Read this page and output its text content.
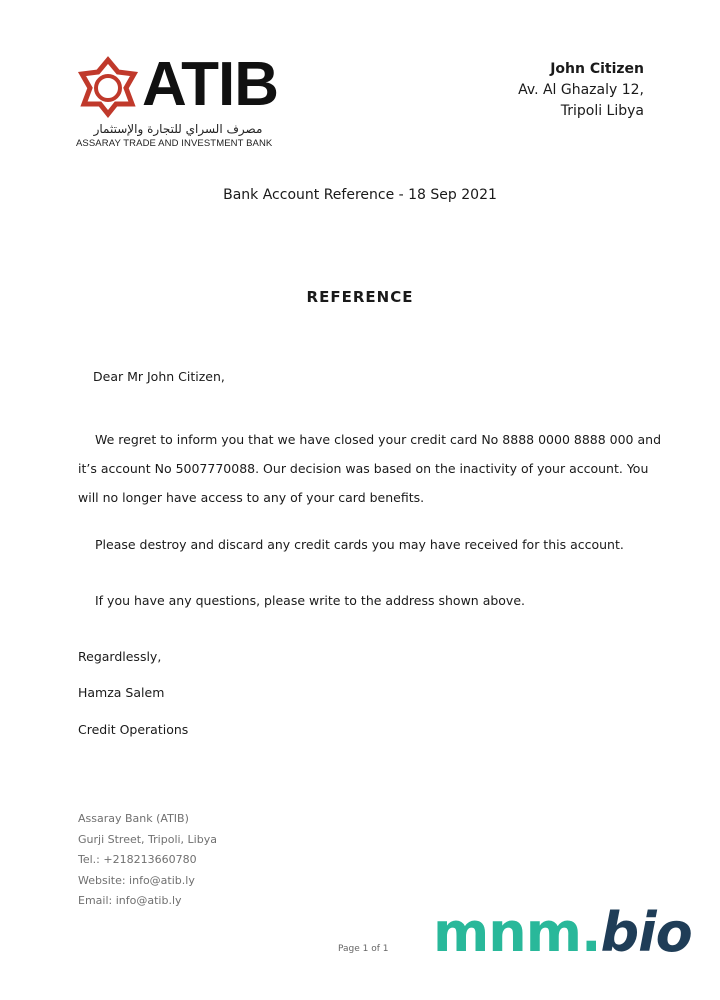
ATIB
مصرف السراي للتجارة والإستثمار
ASSARAY TRADE AND INVESTMENT BANK
John Citizen
Av. Al Ghazaly 12,
Tripoli Libya
Bank Account Reference - 18 Sep 2021
REFERENCE
Dear Mr John Citizen,
We regret to inform you that we have closed your credit card No 8888 0000 8888 000 and it’s account No 5007770088. Our decision was based on the inactivity of your account. You will no longer have access to any of your card benefits.
Please destroy and discard any credit cards you may have received for this account.
If you have any questions, please write to the address shown above.
Regardlessly,
Hamza Salem
Credit Operations
Assaray Bank (ATIB)
Gurji Street, Tripoli, Libya
Tel.: +218213660780
Website: info@atib.ly
Email: info@atib.ly
Page 1 of 1 mnm.bio
